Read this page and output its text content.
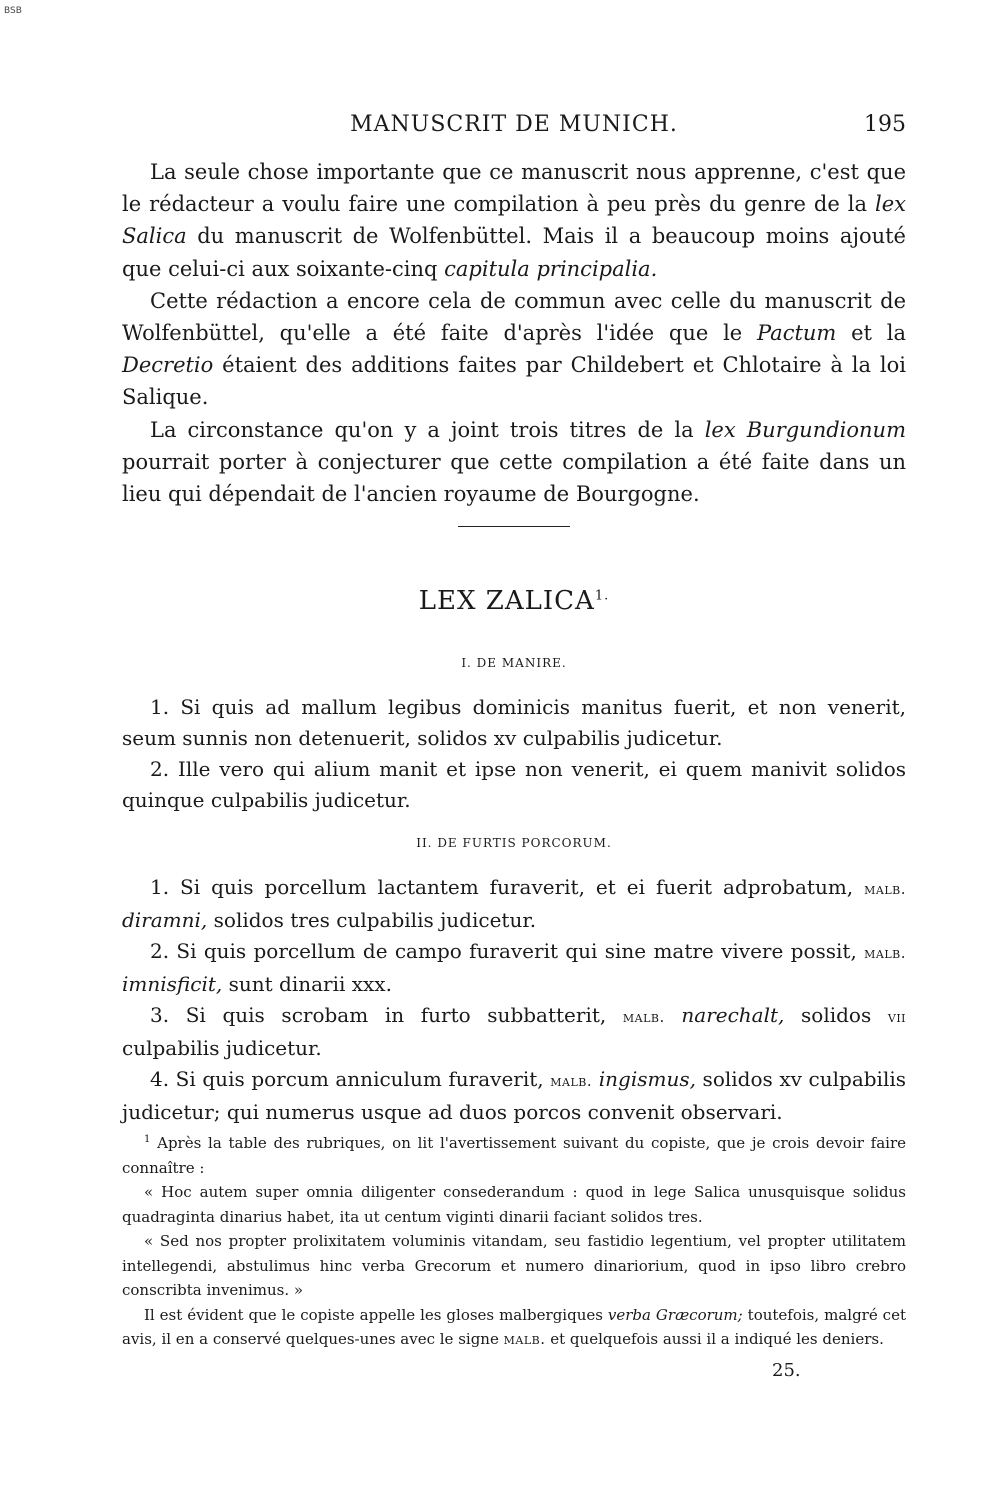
BSB
MANUSCRIT DE MUNICH.	195

La seule chose importante que ce manuscrit nous apprenne, c'est que le rédacteur a voulu faire une compilation à peu près du genre de la lex Salica du manuscrit de Wolfenbüttel. Mais il a beaucoup moins ajouté que celui-ci aux soixante-cinq capitula principalia.

Cette rédaction a encore cela de commun avec celle du manuscrit de Wolfenbüttel, qu'elle a été faite d'après l'idée que le Pactum et la Decretio étaient des additions faites par Childebert et Chlotaire à la loi Salique.

La circonstance qu'on y a joint trois titres de la lex Burgundionum pourrait porter à conjecturer que cette compilation a été faite dans un lieu qui dépendait de l'ancien royaume de Bourgogne.

LEX $ZALICA^{1.}$
I. DE MANIRE.

1. Si quis ad mallum legibus dominicis manitus fuerit, et non venerit, seum sunnis non detenuerit, solidos xv culpabilis judicetur.

2. Ille vero qui alium manit et ipse non venerit, ei quem manivit solidos quinque culpabilis judicetur.

II. DE FURTIS PORCORUM.

1. Si quis porcellum lactantem furaverit, et ei fuerit adprobatum, malb. diramni, solidos tres culpabilis judicetur.

2. Si quis porcellum de campo furaverit qui sine matre vivere possit, malb. imnisficit, sunt dinarii xxx.

3. Si quis scrobam in furto subbatterit, malb. narechalt, solidos vii culpabilis judicetur.

4. Si quis porcum anniculum furaverit, malb. ingismus, solidos xv culpabilis judicetur; qui numerus usque ad duos porcos convenit observari.

$^1$ Après la table des rubriques, on lit l'avertissement suivant du copiste, que je crois devoir faire connaître :

« Hoc autem super omnia diligenter consederandum : quod in lege Salica unusquisque solidus quadraginta dinarius habet, ita ut centum viginti dinarii faciant solidos tres.

« Sed nos propter prolixitatem voluminis vitandam, seu fastidio legentium, vel propter utilitatem intellegendi, abstulimus hinc verba Grecorum et numero dinariorium, quod in ipso libro crebro conscribta invenimus. »

Il est évident que le copiste appelle les gloses malbergiques verba Græcorum; toutefois, malgré cet avis, il en a conservé quelques-unes avec le signe malb. et quelquefois aussi il a indiqué les deniers.

25.
